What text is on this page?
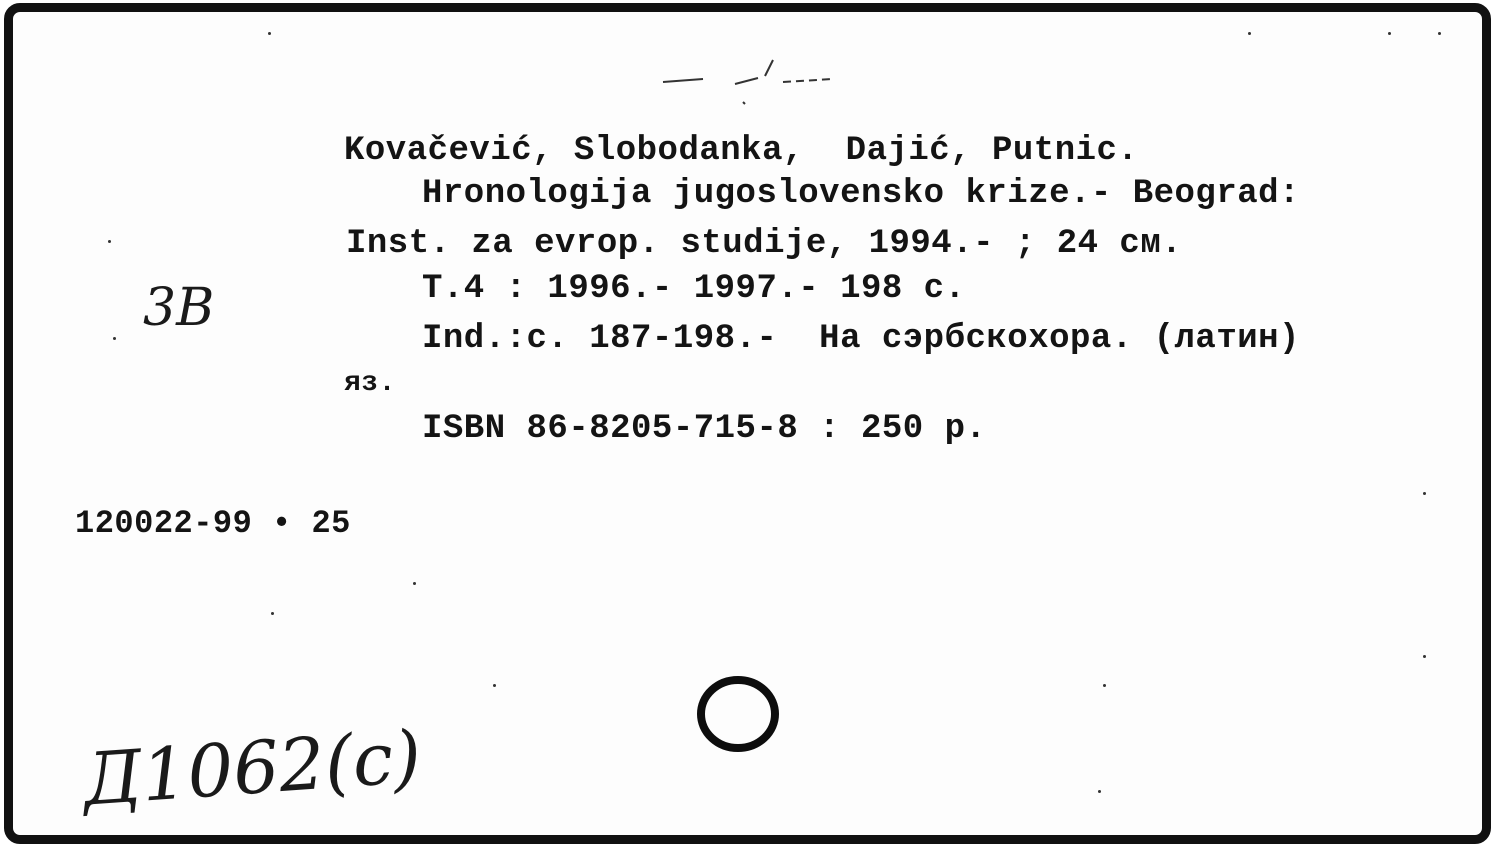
Kovačević, Slobodanka,  Dajić, Putnic.
Hronologija jugoslovensko krize.- Beograd:
Inst. za evrop. studije, 1994.- ; 24 см.
T.4 : 1996.- 1997.- 198 с.
Ind.:c. 187-198.-  На сэрбскохора. (латин)
яз.
ISBN 86-8205-715-8 : 250 р.
120022-99 • 25
3В
Д1062(с)
